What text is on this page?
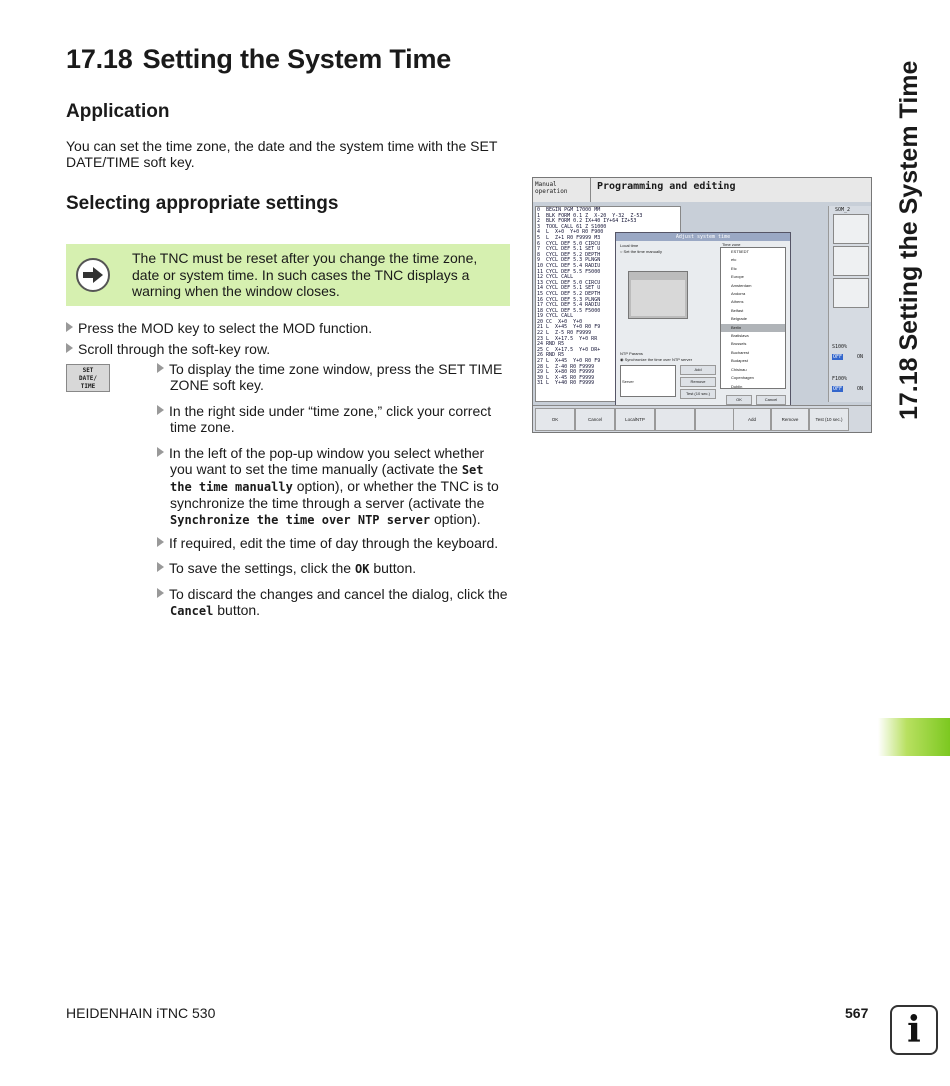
17.18 Setting the System Time
Application
You can set the time zone, the date and the system time with the SET
DATE/TIME soft key.
Selecting appropriate settings
The TNC must be reset after you change the time zone,
date or system time. In such cases the TNC displays a
warning when the window closes.
Press the MOD key to select the MOD function.
Scroll through the soft-key row.
SET
DATE/
TIME
To display the time zone window, press the SET TIME
ZONE soft key.
In the right side under “time zone,” click your correct
time zone.
In the left of the pop-up window you select whether
you want to set the time manually (activate the Set
the time manually option), or whether the TNC is to
synchronize the time through a server (activate the
Synchronize the time over NTP server option).
If required, edit the time of day through the keyboard.
To save the settings, click the OK button.
To discard the changes and cancel the dialog, click the
Cancel button.
Manual
operation	Programming and editing
0  BEGIN PGM 17000 MM
1  BLK FORM 0.1 Z  X-20  Y-32  Z-53
2  BLK FORM 0.2 IX+40 IY+64 IZ+53
3  TOOL CALL 61 Z S1000
4  L  X+0  Y+0 R0 F900
5  L  Z+1 R0 F9999 M3
6  CYCL DEF 5.0 CIRCU
7  CYCL DEF 5.1 SET U
8  CYCL DEF 5.2 DEPTH
9  CYCL DEF 5.3 PLNGN
10 CYCL DEF 5.4 RADIU
11 CYCL DEF 5.5 F5000
12 CYCL CALL
13 CYCL DEF 5.0 CIRCU
14 CYCL DEF 5.1 SET U
15 CYCL DEF 5.2 DEPTH
16 CYCL DEF 5.3 PLNGN
17 CYCL DEF 5.4 RADIU
18 CYCL DEF 5.5 F5000
19 CYCL CALL
20 CC  X+0  Y+0
21 L  X+45  Y+0 R0 F9
22 L  Z-5 R0 F9999
23 L  X+17.5  Y+0 RR
24 RND R5
25 C  X+17.5  Y+0 DR+
26 RND R5
27 L  X+45  Y+0 R0 F9
28 L  Z-40 R0 F9999
29 L  X+80 R0 F9999
30 L  X-45 R0 F9999
31 L  Y+40 R0 F9999
Adjust system time
Local time
○ Set the time manually
NTP Params
◉ Synchronize the time over NTP server
Server
Add
Remove
Test (10 sec.)
Time zone
EST5EDT
etc
Etc
Europe
Amsterdam
Andorra
Athens
Belfast
Belgrade
Berlin
Bratislava
Brussels
Bucharest
Budapest
Chisinau
Copenhagen
Dublin
OK	Cancel
SOM_2
S100%
OFF	ON
F100%
OFF	ON
OK	Cancel	LocalNTP	Add	Remove	Test (10 sec.) 17.18 Setting the System Time
HEIDENHAIN iTNC 530	567	i
